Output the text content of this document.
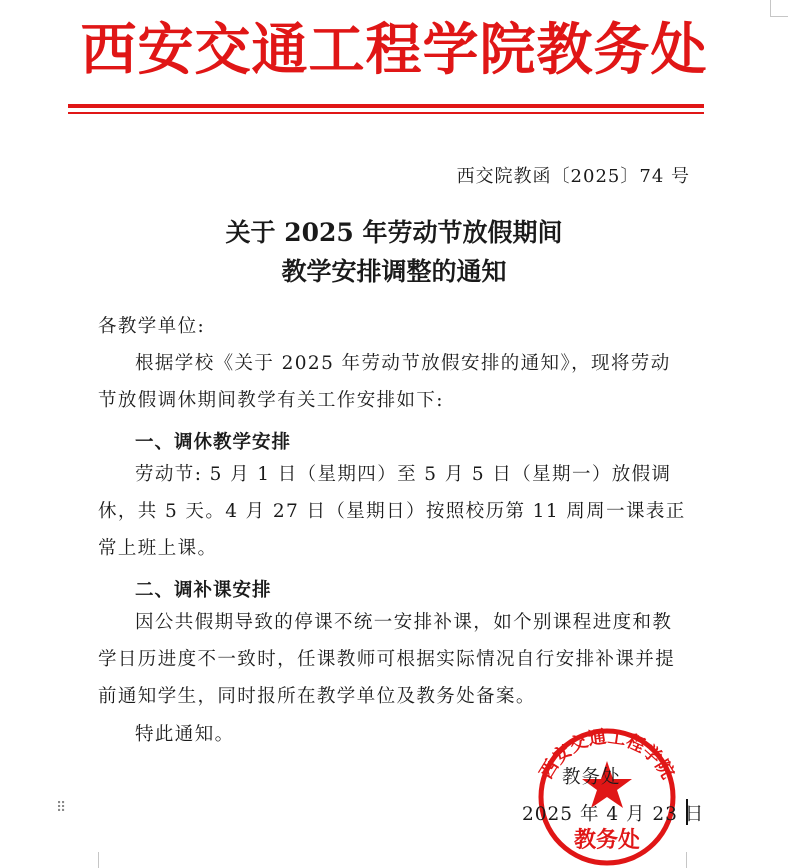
西安交通工程学院教务处
西交院教函〔2025〕74 号
关于 2025 年劳动节放假期间
教学安排调整的通知
各教学单位:
根据学校《关于 2025 年劳动节放假安排的通知》，现将劳动节放假调休期间教学有关工作安排如下:
一、调休教学安排
劳动节: 5 月 1 日（星期四）至 5 月 5 日（星期一）放假调休，共 5 天。4 月 27 日（星期日）按照校历第 11 周周一课表正常上班上课。
二、调补课安排
因公共假期导致的停课不统一安排补课，如个别课程进度和教学日历进度不一致时，任课教师可根据实际情况自行安排补课并提前通知学生，同时报所在教学单位及教务处备案。
特此通知。
西安交通工程学院
教务处
教务处
2025 年 4 月 23 日
⠿
